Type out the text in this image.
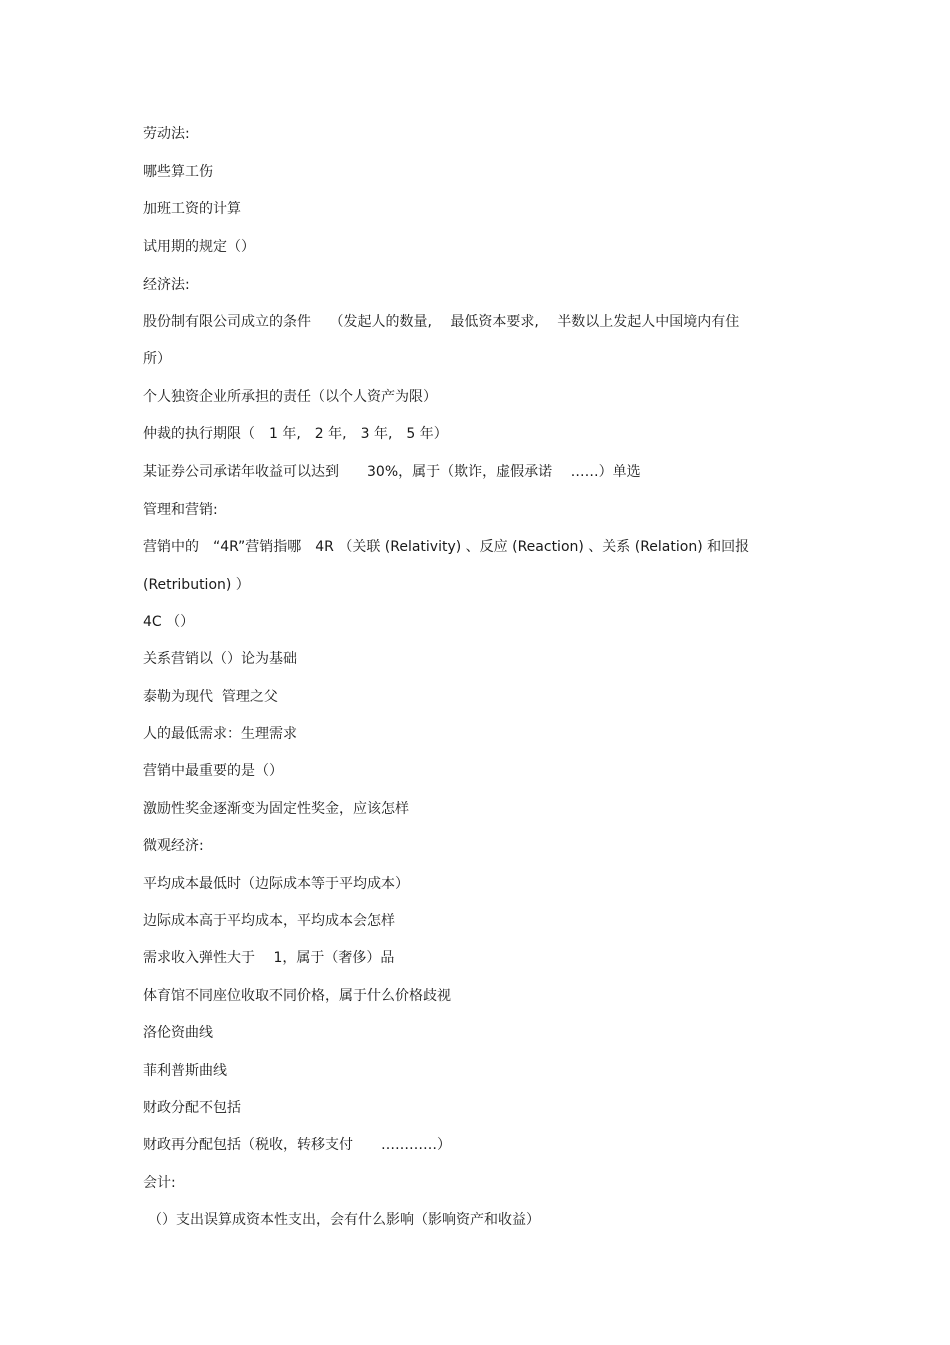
劳动法:

哪些算工伤

加班工资的计算

试用期的规定（）

经济法:

股份制有限公司成立的条件　 （发起人的数量,　 最低资本要求,　 半数以上发起人中国境内有住

所）

个人独资企业所承担的责任（以个人资产为限）

仲裁的执行期限（　1 年,　2 年,　3 年,　5 年）

某证券公司承诺年收益可以达到　　30%，属于（欺诈，虚假承诺　 ……）单选

管理和营销:

营销中的　“4R”营销指哪　4R （关联 (Relativity) 、反应 (Reaction) 、关系 (Relation) 和回报

(Retribution) ）

4C （）

关系营销以（）论为基础

泰勒为现代  管理之父

人的最低需求：生理需求

营销中最重要的是（）

激励性奖金逐渐变为固定性奖金，应该怎样

微观经济:

平均成本最低时（边际成本等于平均成本）

边际成本高于平均成本，平均成本会怎样

需求收入弹性大于　 1，属于（奢侈）品

体育馆不同座位收取不同价格，属于什么价格歧视

洛伦资曲线

菲利普斯曲线

财政分配不包括

财政再分配包括（税收，转移支付　　…………）

会计:

（）支出误算成资本性支出，会有什么影响（影响资产和收益）
